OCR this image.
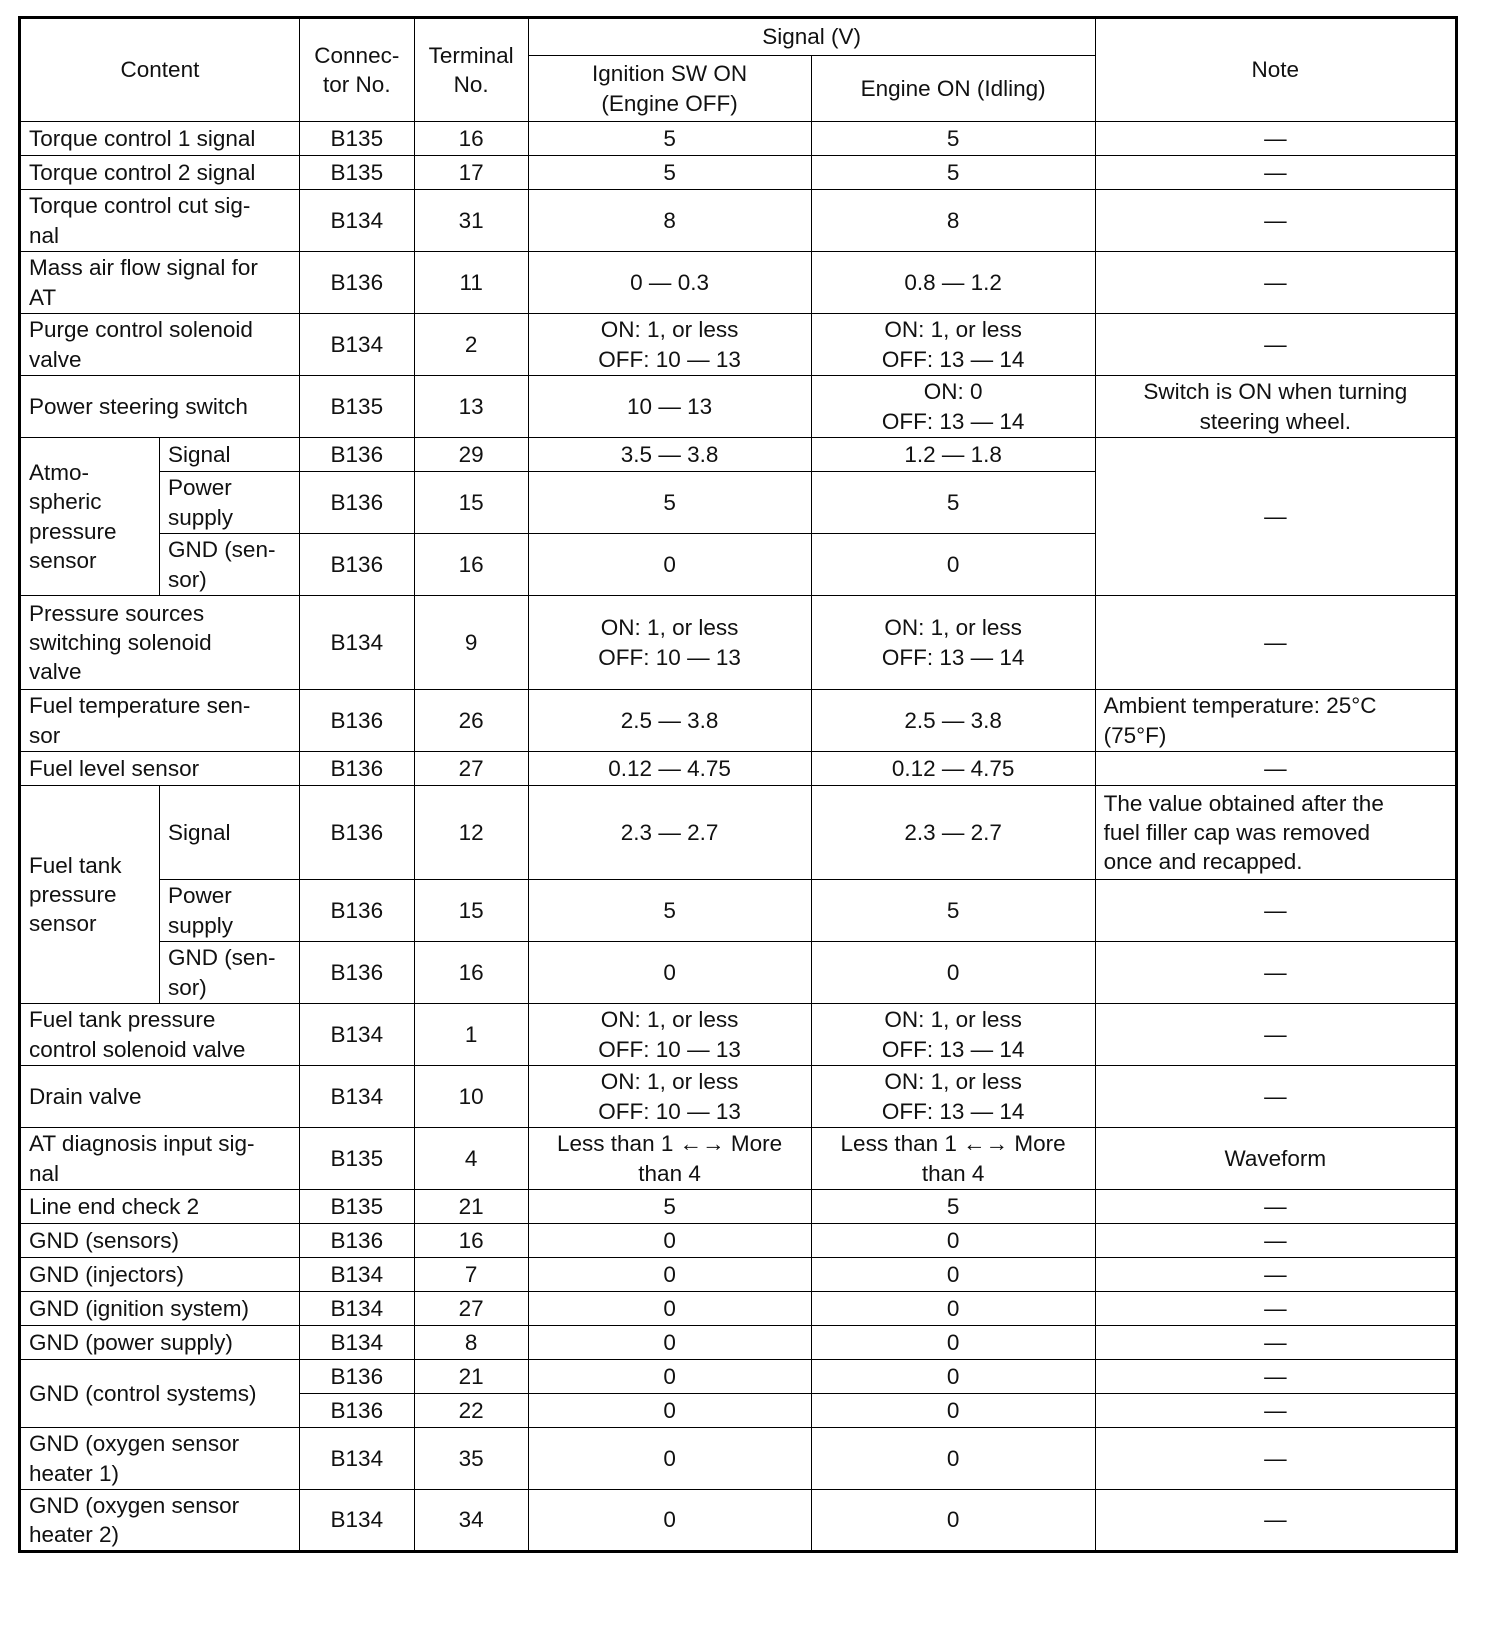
Content		Connec-
tor No.	Terminal
No.	Signal (V)		Note
				Ignition SW ON
(Engine OFF)	Engine ON (Idling)	
Torque control 1 signal		B135	16	5	5	—
Torque control 2 signal		B135	17	5	5	—
Torque control cut sig-
nal		B134	31	8	8	—
Mass air flow signal for
AT		B136	11	0 — 0.3	0.8 — 1.2	—
Purge control solenoid
valve		B134	2	ON: 1, or less
OFF: 10 — 13	ON: 1, or less
OFF: 13 — 14	—
Power steering switch		B135	13	10 — 13	ON: 0
OFF: 13 — 14	Switch is ON when turning
steering wheel.
Atmo-
spheric
pressure
sensor	Signal	B136	29	3.5 — 3.8	1.2 — 1.8	—
	Power
supply	B136	15	5	5	
	GND (sen-
sor)	B136	16	0	0	
Pressure sources
switching solenoid
valve		B134	9	ON: 1, or less
OFF: 10 — 13	ON: 1, or less
OFF: 13 — 14	—
Fuel temperature sen-
sor		B136	26	2.5 — 3.8	2.5 — 3.8	Ambient temperature: 25°C
(75°F)
Fuel level sensor		B136	27	0.12 — 4.75	0.12 — 4.75	—
Fuel tank
pressure
sensor	Signal	B136	12	2.3 — 2.7	2.3 — 2.7	The value obtained after the
fuel filler cap was removed
once and recapped.
	Power
supply	B136	15	5	5	—
	GND (sen-
sor)	B136	16	0	0	—
Fuel tank pressure
control solenoid valve		B134	1	ON: 1, or less
OFF: 10 — 13	ON: 1, or less
OFF: 13 — 14	—
Drain valve		B134	10	ON: 1, or less
OFF: 10 — 13	ON: 1, or less
OFF: 13 — 14	—
AT diagnosis input sig-
nal		B135	4	Less than 1 ←→ More
than 4	Less than 1 ←→ More
than 4	Waveform
Line end check 2		B135	21	5	5	—
GND (sensors)		B136	16	0	0	—
GND (injectors)		B134	7	0	0	—
GND (ignition system)		B134	27	0	0	—
GND (power supply)		B134	8	0	0	—
GND (control systems)		B136	21	0	0	—
		B136	22	0	0	—
GND (oxygen sensor
heater 1)		B134	35	0	0	—
GND (oxygen sensor
heater 2)		B134	34	0	0	—
